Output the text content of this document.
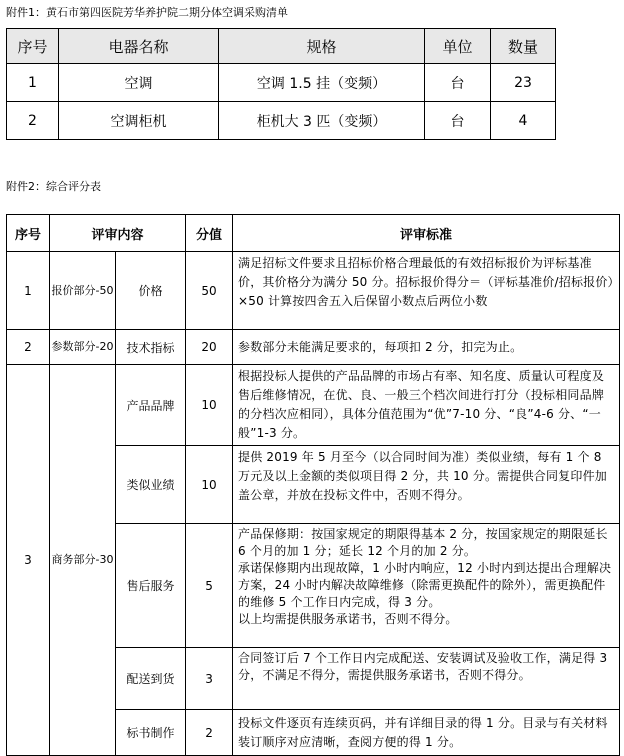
附件1：黄石市第四医院芳华养护院二期分体空调采购清单
序号	电器名称	规格	单位	数量
1	空调	空调 1.5 挂（变频）	台	23
2	空调柜机	柜机大 3 匹（变频）	台	4
附件2：综合评分表
序号	评审内容		分值	评审标准
1	报价部分-50	价格	50	满足招标文件要求且招标价格合理最低的有效招标报价为评标基准价，其价格分为满分 50 分。招标报价得分＝（评标基准价/招标报价）×50 计算按四舍五入后保留小数点后两位小数

2	参数部分-20	技术指标	20	参数部分未能满足要求的，每项扣 2 分，扣完为止。

3	商务部分-30	产品品牌	10	根据投标人提供的产品品牌的市场占有率、知名度、质量认可程度及售后维修情况，在优、良、一般三个档次间进行打分（投标相同品牌的分档次应相同），具体分值范围为“优”7-10 分、“良”4-6 分、“一般”1-3 分。

		类似业绩	10	提供 2019 年 5 月至今（以合同时间为准）类似业绩，每有 1 个 8 万元及以上金额的类似项目得 2 分，共 10 分。需提供合同复印件加盖公章，并放在投标文件中，否则不得分。

		售后服务	5	产品保修期：按国家规定的期限得基本 2 分，按国家规定的期限延长 6 个月的加 1 分；延长 12 个月的加 2 分。
承诺保修期内出现故障，1 小时内响应，12 小时内到达提出合理解决方案，24 小时内解决故障维修（除需更换配件的除外），需更换配件的维修 5 个工作日内完成，得 3 分。
以上均需提供服务承诺书，否则不得分。

		配送到货	3	合同签订后 7 个工作日内完成配送、安装调试及验收工作，满足得 3 分，不满足不得分，需提供服务承诺书，否则不得分。

		标书制作	2	投标文件逐页有连续页码，并有详细目录的得 1 分。目录与有关材料装订顺序对应清晰，查阅方便的得 1 分。
